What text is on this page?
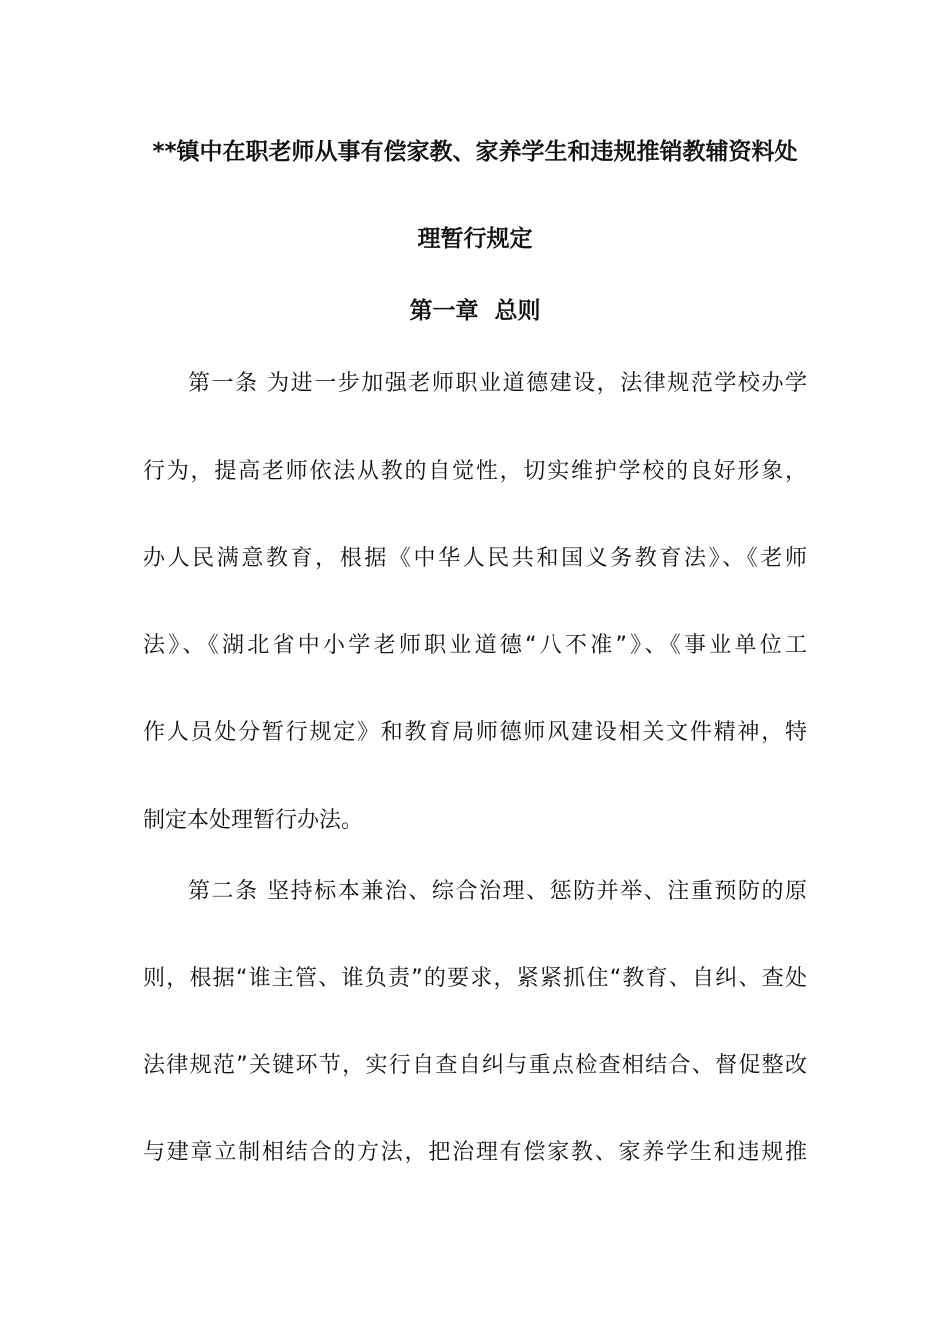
**镇中在职老师从事有偿家教、家养学生和违规推销教辅资料处
理暂行规定
第一章  总则
第一条 为进一步加强老师职业道德建设，法律规范学校办学
行为，提高老师依法从教的自觉性，切实维护学校的良好形象，
办人民满意教育，根据《中华人民共和国义务教育法》、《老师
法》、《湖北省中小学老师职业道德“八不准”》、《事业单位工
作人员处分暂行规定》和教育局师德师风建设相关文件精神，特
制定本处理暂行办法。
第二条 坚持标本兼治、综合治理、惩防并举、注重预防的原
则，根据“谁主管、谁负责”的要求，紧紧抓住“教育、自纠、查处
法律规范”关键环节，实行自查自纠与重点检查相结合、督促整改
与建章立制相结合的方法，把治理有偿家教、家养学生和违规推
